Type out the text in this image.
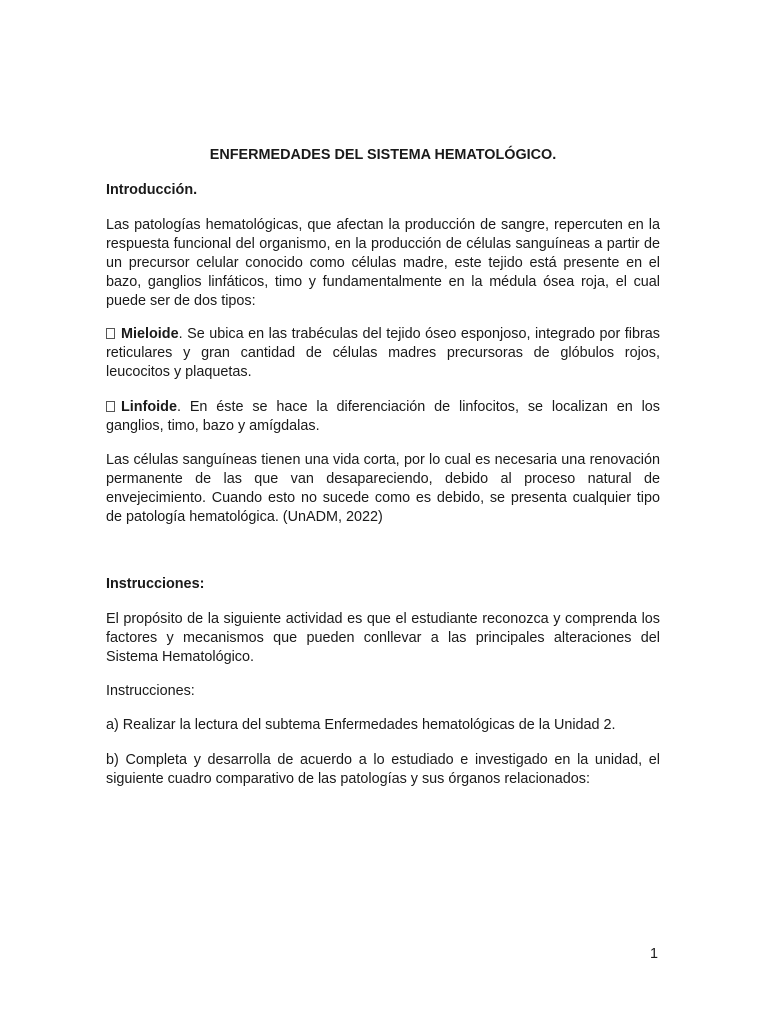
ENFERMEDADES DEL SISTEMA HEMATOLÓGICO.
Introducción.

Las patologías hematológicas, que afectan la producción de sangre, repercuten en la respuesta funcional del organismo, en la producción de células sanguíneas a partir de un precursor celular conocido como células madre, este tejido está presente en el bazo, ganglios linfáticos, timo y fundamentalmente en la médula ósea roja, el cual puede ser de dos tipos:

Mieloide. Se ubica en las trabéculas del tejido óseo esponjoso, integrado por fibras reticulares y gran cantidad de células madres precursoras de glóbulos rojos, leucocitos y plaquetas.

Linfoide. En éste se hace la diferenciación de linfocitos, se localizan en los ganglios, timo, bazo y amígdalas.

Las células sanguíneas tienen una vida corta, por lo cual es necesaria una renovación permanente de las que van desapareciendo, debido al proceso natural de envejecimiento. Cuando esto no sucede como es debido, se presenta cualquier tipo de patología hematológica. (UnADM, 2022)

Instrucciones:

El propósito de la siguiente actividad es que el estudiante reconozca y comprenda los factores y mecanismos que pueden conllevar a las principales alteraciones del Sistema Hematológico.

Instrucciones:

a) Realizar la lectura del subtema Enfermedades hematológicas de la Unidad 2.

b) Completa y desarrolla de acuerdo a lo estudiado e investigado en la unidad, el siguiente cuadro comparativo de las patologías y sus órganos relacionados:

1
